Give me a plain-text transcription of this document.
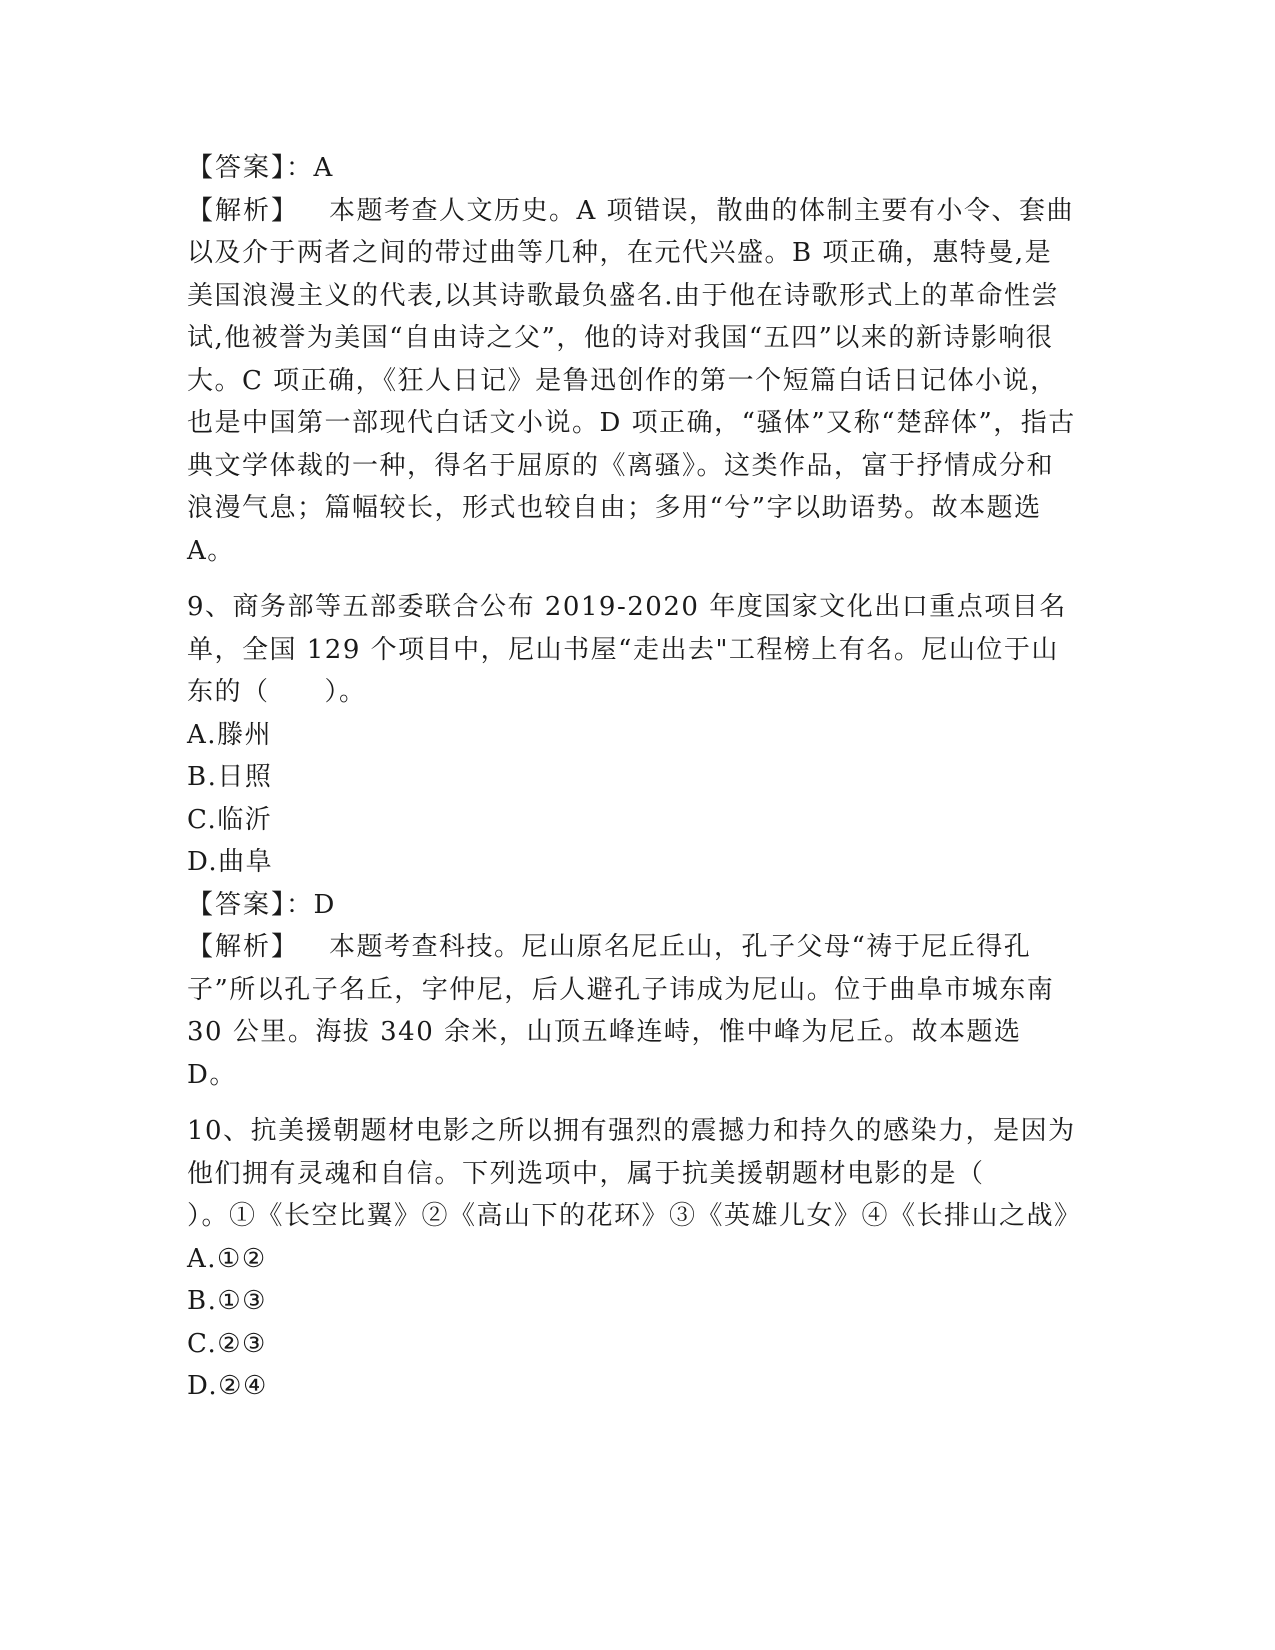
【答案】：A
【解析】 本题考查人文历史。A 项错误，散曲的体制主要有小令、套曲以及介于两者之间的带过曲等几种，在元代兴盛。B 项正确，惠特曼,是美国浪漫主义的代表,以其诗歌最负盛名.由于他在诗歌形式上的革命性尝试,他被誉为美国“自由诗之父”，他的诗对我国“五四”以来的新诗影响很大。C 项正确，《狂人日记》是鲁迅创作的第一个短篇白话日记体小说，也是中国第一部现代白话文小说。D 项正确，“骚体”又称“楚辞体”，指古典文学体裁的一种，得名于屈原的《离骚》。这类作品，富于抒情成分和浪漫气息；篇幅较长，形式也较自由；多用“兮”字以助语势。故本题选 A。
9、商务部等五部委联合公布 2019-2020 年度国家文化出口重点项目名单，全国 129 个项目中，尼山书屋“走出去"工程榜上有名。尼山位于山东的（　　）。
A.滕州
B.日照
C.临沂
D.曲阜
【答案】：D
【解析】 本题考查科技。尼山原名尼丘山，孔子父母“祷于尼丘得孔子”所以孔子名丘，字仲尼，后人避孔子讳成为尼山。位于曲阜市城东南 30 公里。海拔 340 余米，山顶五峰连峙，惟中峰为尼丘。故本题选 D。
10、抗美援朝题材电影之所以拥有强烈的震撼力和持久的感染力，是因为他们拥有灵魂和自信。下列选项中，属于抗美援朝题材电影的是（　　）。①《长空比翼》②《高山下的花环》③《英雄儿女》④《长排山之战》
A.①②
B.①③
C.②③
D.②④
